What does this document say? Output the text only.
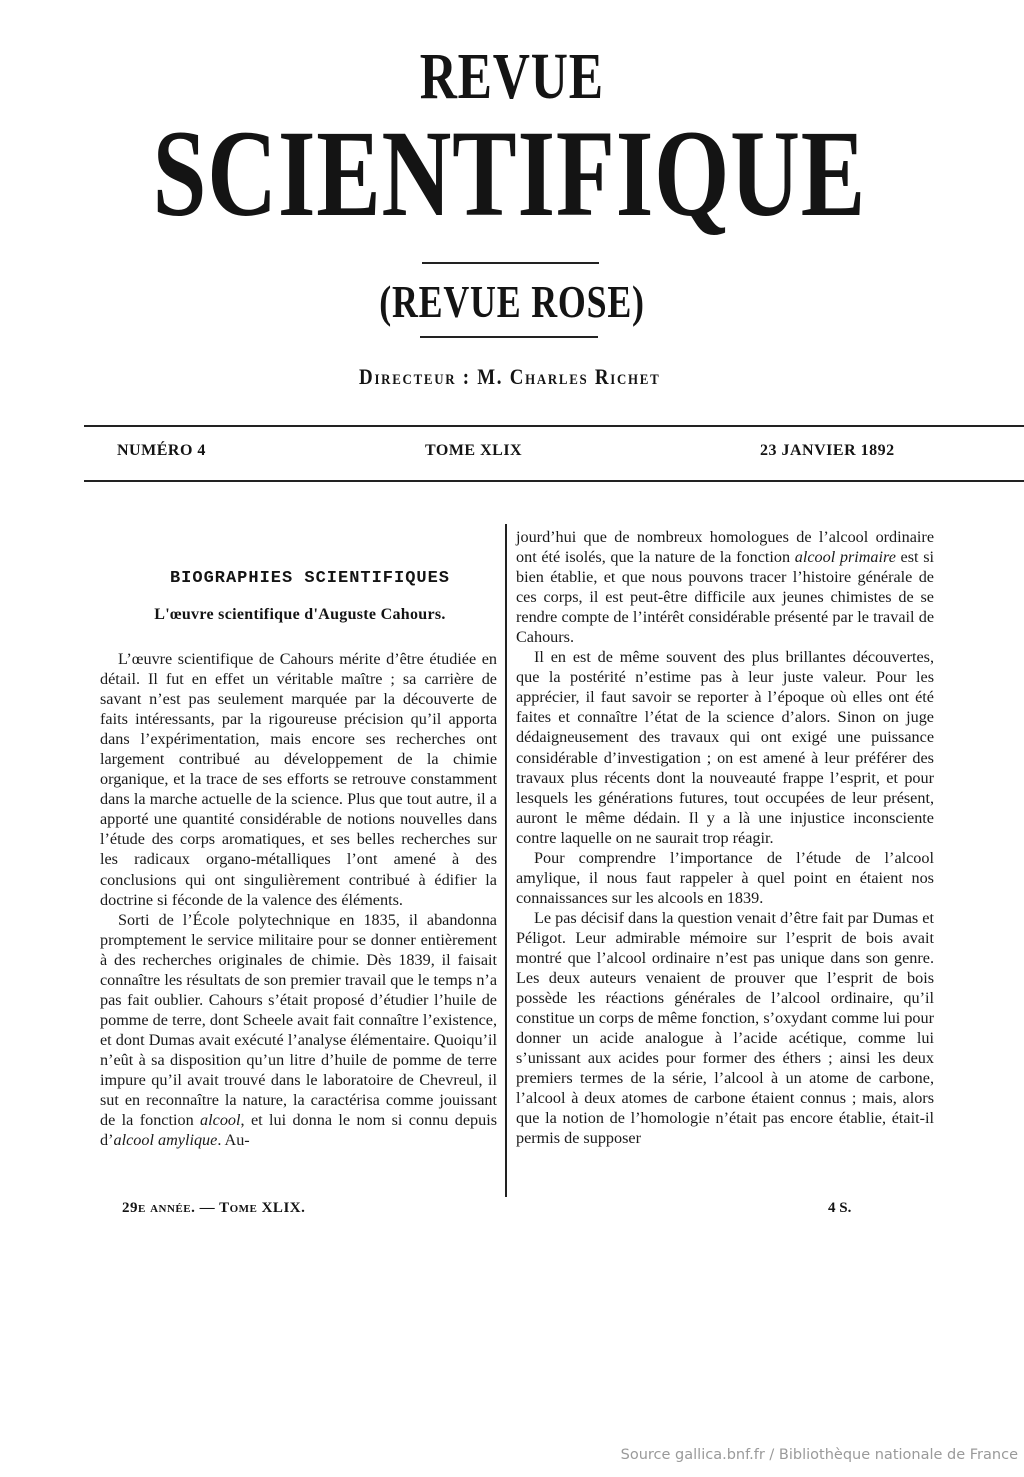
REVUE
SCIENTIFIQUE
(REVUE ROSE)
Directeur : M. Charles Richet
NUMÉRO 4	TOME XLIX	23 JANVIER 1892
BIOGRAPHIES SCIENTIFIQUES
L'œuvre scientifique d'Auguste Cahours.

L’œuvre scientifique de Cahours mérite d’être étudiée en détail. Il fut en effet un véritable maître ; sa carrière de savant n’est pas seulement marquée par la découverte de faits intéressants, par la rigoureuse précision qu’il apporta dans l’expérimentation, mais encore ses recherches ont largement contribué au développement de la chimie organique, et la trace de ses efforts se retrouve constamment dans la marche actuelle de la science. Plus que tout autre, il a apporté une quantité considérable de notions nouvelles dans l’étude des corps aromatiques, et ses belles recherches sur les radicaux organo-métalliques l’ont amené à des conclusions qui ont singulièrement contribué à édifier la doctrine si féconde de la valence des éléments.

Sorti de l’École polytechnique en 1835, il abandonna promptement le service militaire pour se donner entièrement à des recherches originales de chimie. Dès 1839, il faisait connaître les résultats de son premier travail que le temps n’a pas fait oublier. Cahours s’était proposé d’étudier l’huile de pomme de terre, dont Scheele avait fait connaître l’existence, et dont Dumas avait exécuté l’analyse élémentaire. Quoiqu’il n’eût à sa disposition qu’un litre d’huile de pomme de terre impure qu’il avait trouvé dans le laboratoire de Chevreul, il sut en reconnaître la nature, la caractérisa comme jouissant de la fonction alcool, et lui donna le nom si connu depuis d’alcool amylique. Au-

jourd’hui que de nombreux homologues de l’alcool ordinaire ont été isolés, que la nature de la fonction alcool primaire est si bien établie, et que nous pouvons tracer l’histoire générale de ces corps, il est peut-être difficile aux jeunes chimistes de se rendre compte de l’intérêt considérable présenté par le travail de Cahours.

Il en est de même souvent des plus brillantes découvertes, que la postérité n’estime pas à leur juste valeur. Pour les apprécier, il faut savoir se reporter à l’époque où elles ont été faites et connaître l’état de la science d’alors. Sinon on juge dédaigneusement des travaux qui ont exigé une puissance considérable d’investigation ; on est amené à leur préférer des travaux plus récents dont la nouveauté frappe l’esprit, et pour lesquels les générations futures, tout occupées de leur présent, auront le même dédain. Il y a là une injustice inconsciente contre laquelle on ne saurait trop réagir.

Pour comprendre l’importance de l’étude de l’alcool amylique, il nous faut rappeler à quel point en étaient nos connaissances sur les alcools en 1839.

Le pas décisif dans la question venait d’être fait par Dumas et Péligot. Leur admirable mémoire sur l’esprit de bois avait montré que l’alcool ordinaire n’est pas unique dans son genre. Les deux auteurs venaient de prouver que l’esprit de bois possède les réactions générales de l’alcool ordinaire, qu’il constitue un corps de même fonction, s’oxydant comme lui pour donner un acide analogue à l’acide acétique, comme lui s’unissant aux acides pour former des éthers ; ainsi les deux premiers termes de la série, l’alcool à un atome de carbone, l’alcool à deux atomes de carbone étaient connus ; mais, alors que la notion de l’homologie n’était pas encore établie, était-il permis de supposer

29e année. — Tome XLIX.	4 S.
Source gallica.bnf.fr / Bibliothèque nationale de France
